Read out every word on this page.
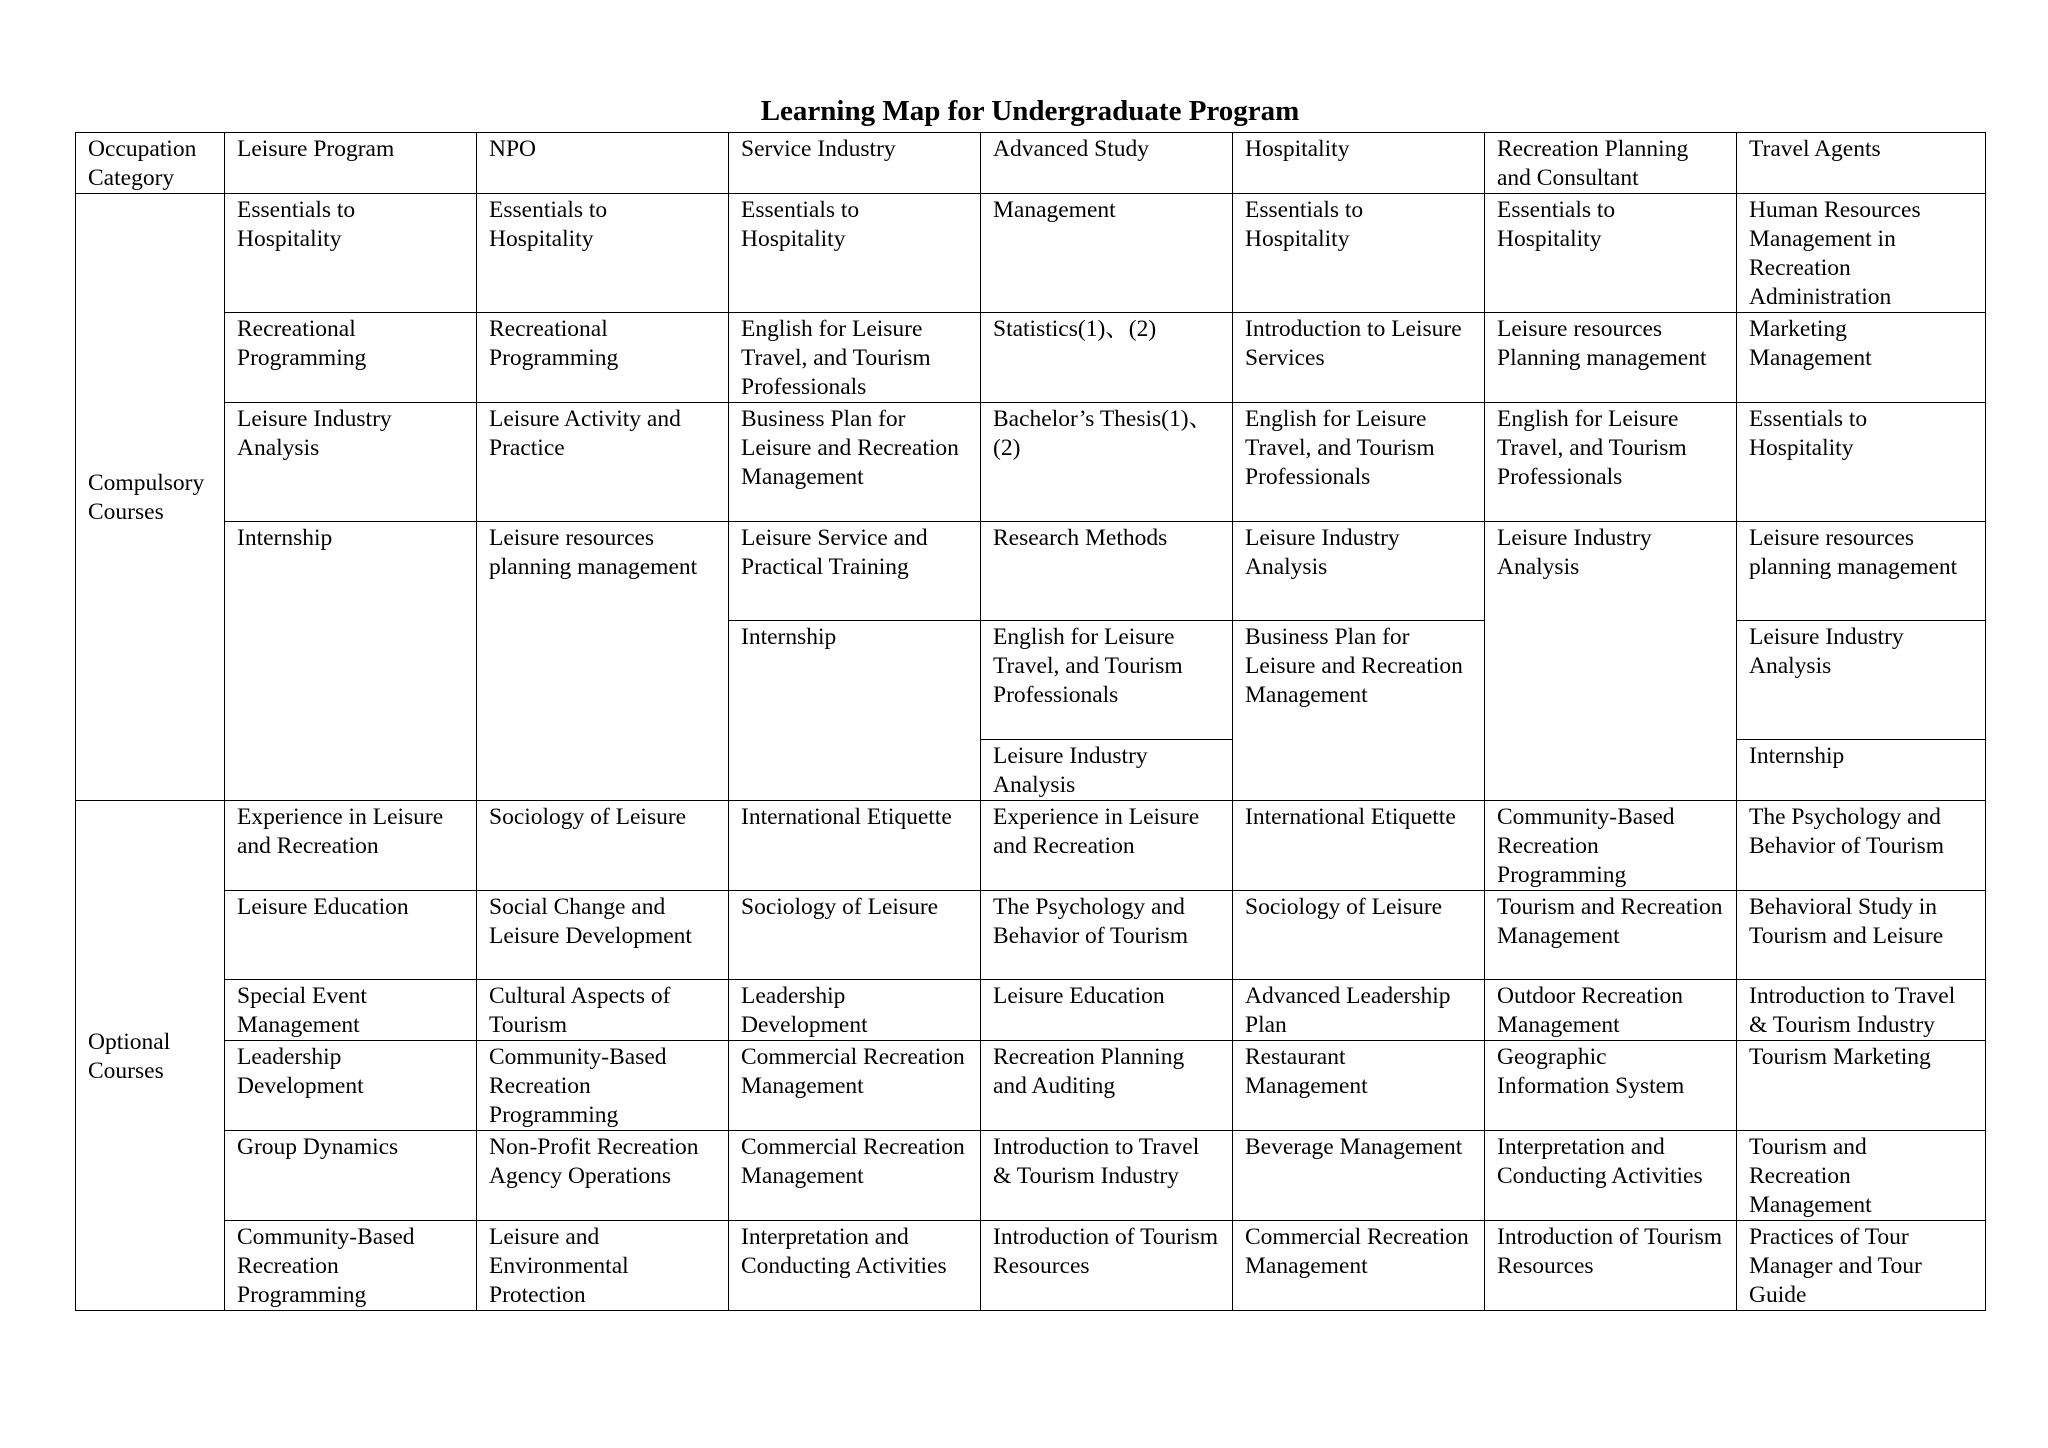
Learning Map for Undergraduate Program
Occupation Category	Leisure Program	NPO	Service Industry	Advanced Study	Hospitality	Recreation Planning and Consultant	Travel Agents	
Compulsory Courses	Essentials to Hospitality	Essentials to Hospitality	Essentials to Hospitality	Management	Essentials to Hospitality	Essentials to Hospitality	Human Resources Management in Recreation Administration	
	Recreational Programming	Recreational Programming	English for Leisure Travel, and Tourism Professionals	Statistics(1)、(2)	Introduction to Leisure Services	Leisure resources Planning management	Marketing Management	
	Leisure Industry Analysis	Leisure Activity and Practice	Business Plan for Leisure and Recreation Management	Bachelor’s Thesis(1)、(2)	English for Leisure Travel, and Tourism Professionals	English for Leisure Travel, and Tourism Professionals	Essentials to Hospitality	
	Internship	Leisure resources planning management	Leisure Service and Practical Training	Research Methods	Leisure Industry Analysis	Leisure Industry Analysis	Leisure resources planning management	
			Internship	English for Leisure Travel, and Tourism Professionals	Business Plan for Leisure and Recreation Management		Leisure Industry Analysis	
				Leisure Industry Analysis			Internship	
Optional Courses	Experience in Leisure and Recreation	Sociology of Leisure	International Etiquette	Experience in Leisure and Recreation	International Etiquette	Community-Based Recreation Programming	The Psychology and Behavior of Tourism	
	Leisure Education	Social Change and Leisure Development	Sociology of Leisure	The Psychology and Behavior of Tourism	Sociology of Leisure	Tourism and Recreation Management	Behavioral Study in Tourism and Leisure	
	Special Event Management	Cultural Aspects of Tourism	Leadership Development	Leisure Education	Advanced Leadership Plan	Outdoor Recreation Management	Introduction to Travel & Tourism Industry	
	Leadership Development	Community-Based Recreation Programming	Commercial Recreation Management	Recreation Planning and Auditing	Restaurant Management	Geographic Information System	Tourism Marketing	
	Group Dynamics	Non-Profit Recreation Agency Operations	Commercial Recreation Management	Introduction to Travel & Tourism Industry	Beverage Management	Interpretation and Conducting Activities	Tourism and Recreation Management	
	Community-Based Recreation Programming	Leisure and Environmental Protection	Interpretation and Conducting Activities	Introduction of Tourism Resources	Commercial Recreation Management	Introduction of Tourism Resources	Practices of Tour Manager and Tour Guide	
